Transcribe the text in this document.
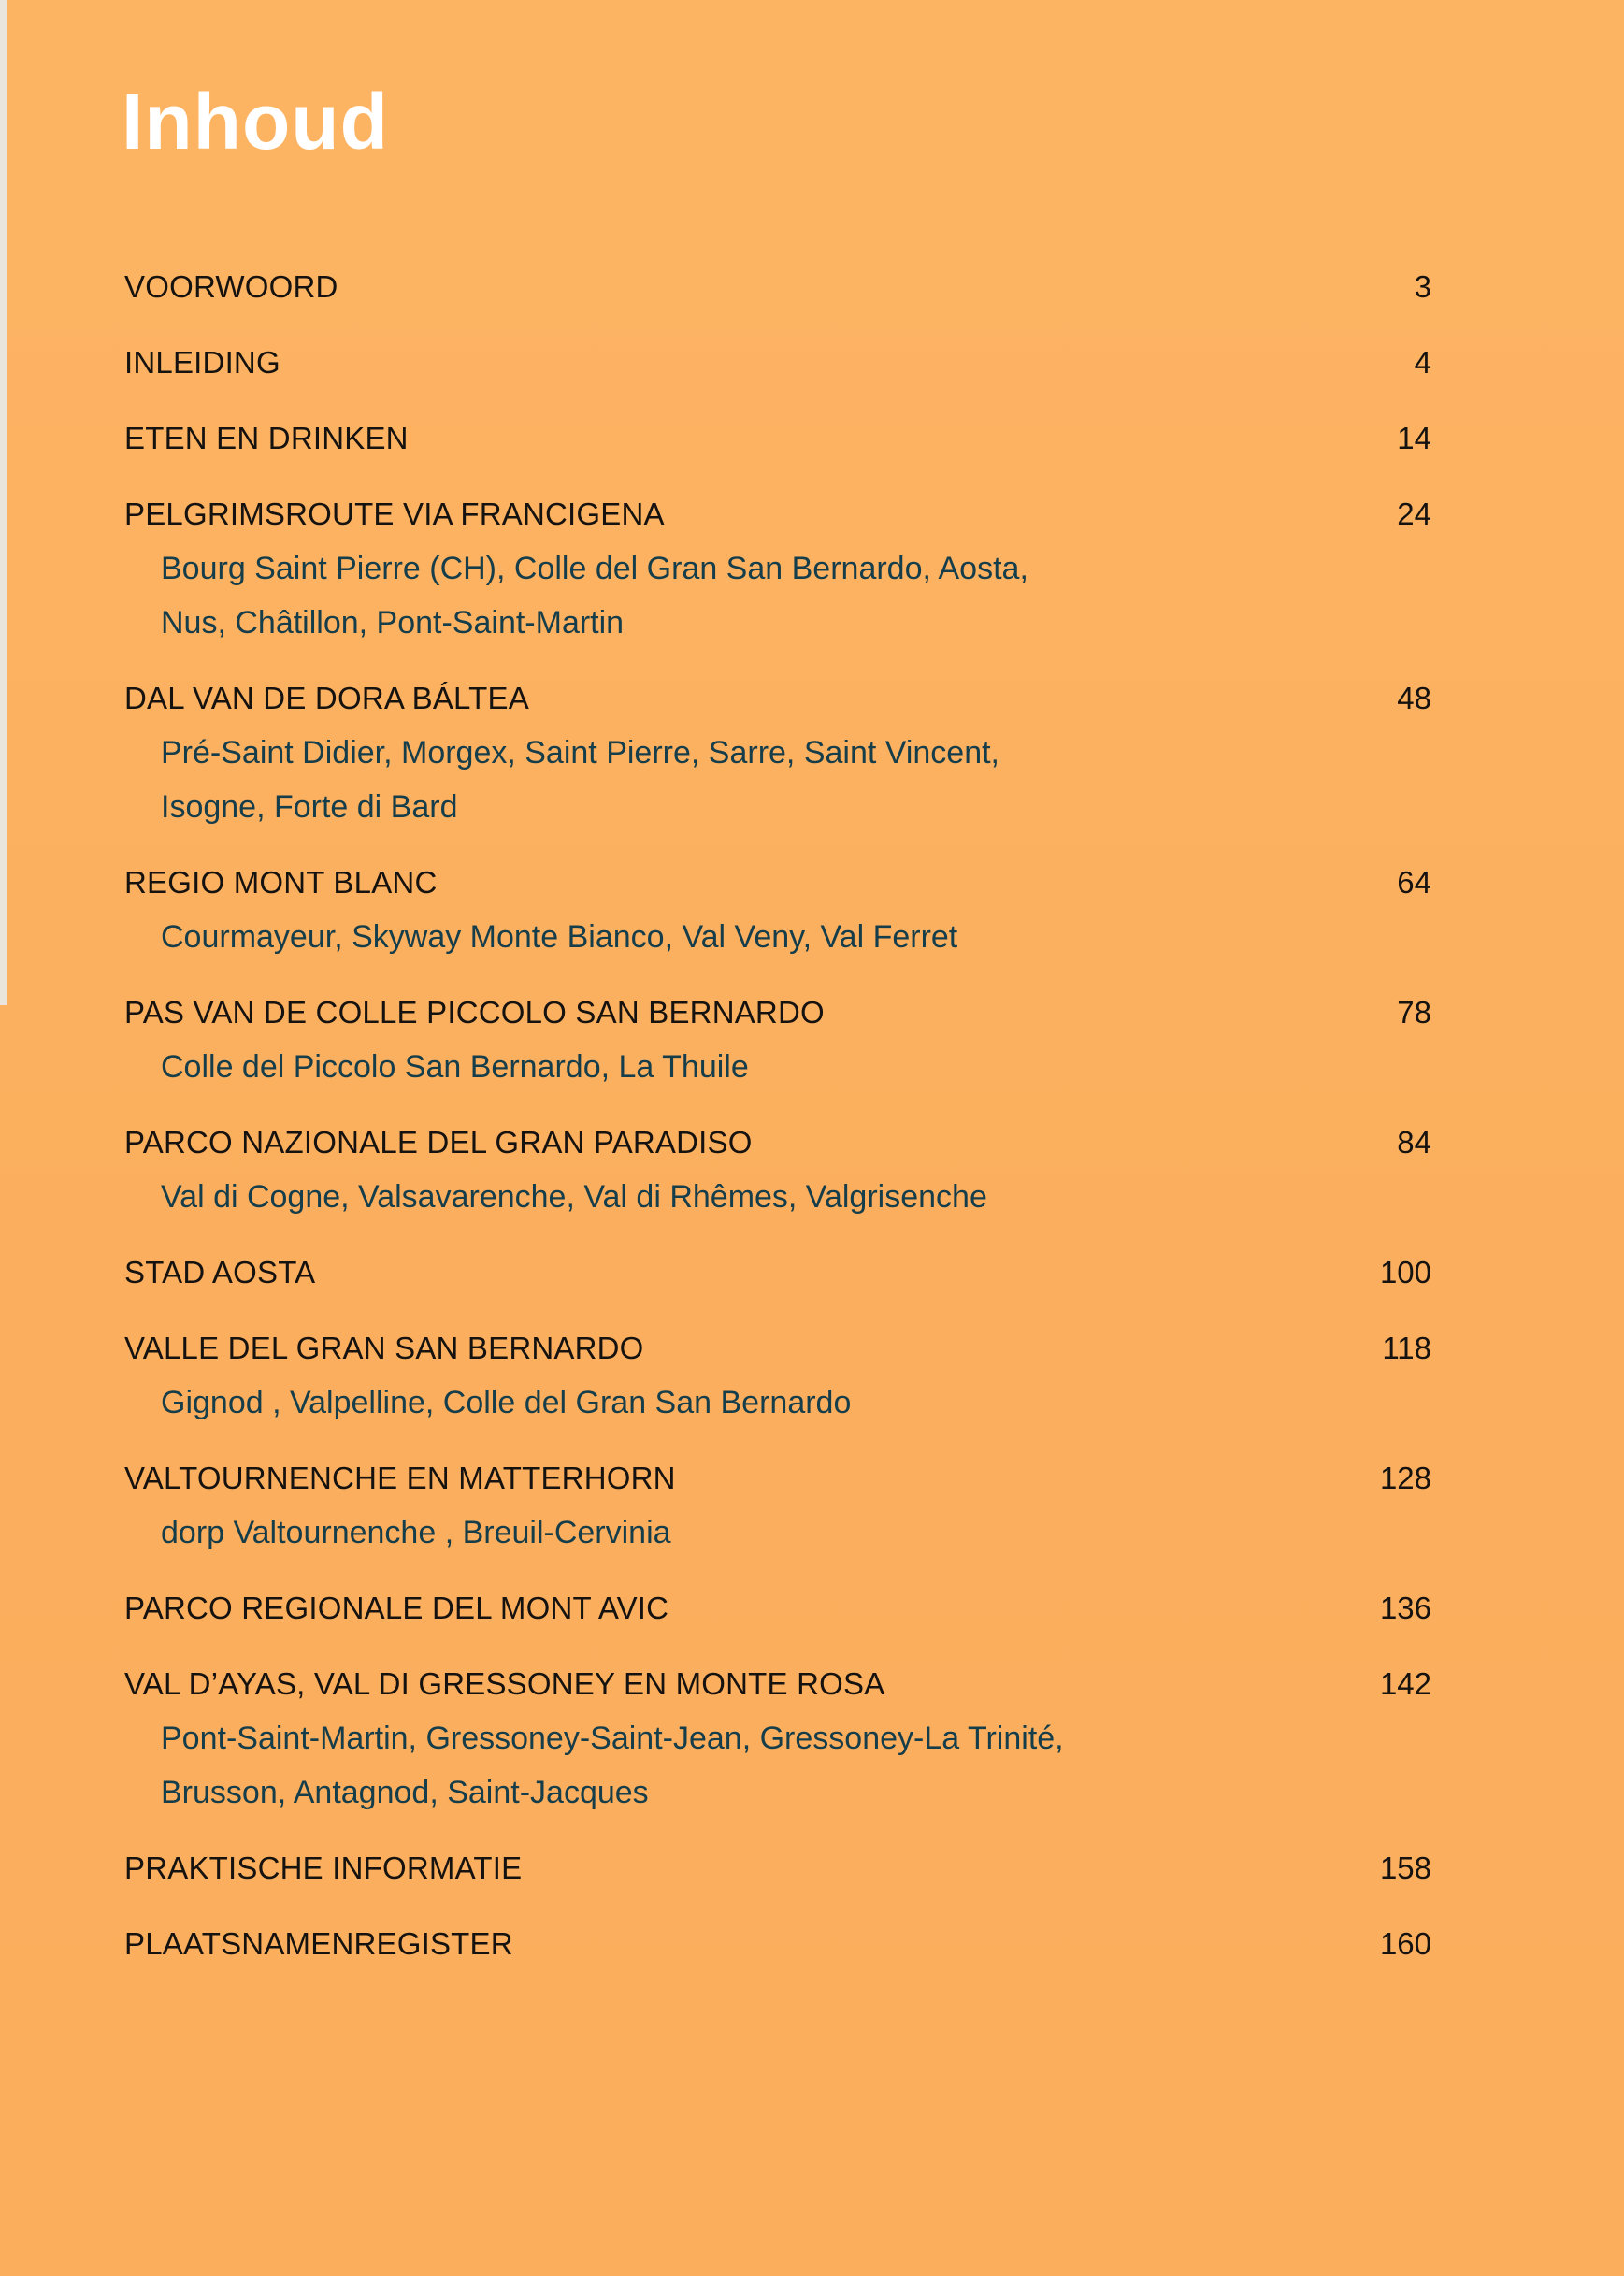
Inhoud
VOORWOORD	3
INLEIDING	4
ETEN EN DRINKEN	14
PELGRIMSROUTE VIA FRANCIGENA	24
Bourg Saint Pierre (CH), Colle del Gran San Bernardo, Aosta,
Nus, Châtillon, Pont-Saint-Martin
DAL VAN DE DORA BÁLTEA	48
Pré-Saint Didier, Morgex, Saint Pierre, Sarre, Saint Vincent,
Isogne, Forte di Bard
REGIO MONT BLANC	64
Courmayeur, Skyway Monte Bianco, Val Veny, Val Ferret
PAS VAN DE COLLE PICCOLO SAN BERNARDO	78
Colle del Piccolo San Bernardo, La Thuile
PARCO NAZIONALE DEL GRAN PARADISO	84
Val di Cogne, Valsavarenche, Val di Rhêmes, Valgrisenche
STAD AOSTA	100
VALLE DEL GRAN SAN BERNARDO	118
Gignod , Valpelline, Colle del Gran San Bernardo
VALTOURNENCHE EN MATTERHORN	128
dorp Valtournenche , Breuil-Cervinia
PARCO REGIONALE DEL MONT AVIC	136
VAL D’AYAS, VAL DI GRESSONEY EN MONTE ROSA	142
Pont-Saint-Martin, Gressoney-Saint-Jean, Gressoney-La Trinité,
Brusson, Antagnod, Saint-Jacques
PRAKTISCHE INFORMATIE	158
PLAATSNAMENREGISTER	160
